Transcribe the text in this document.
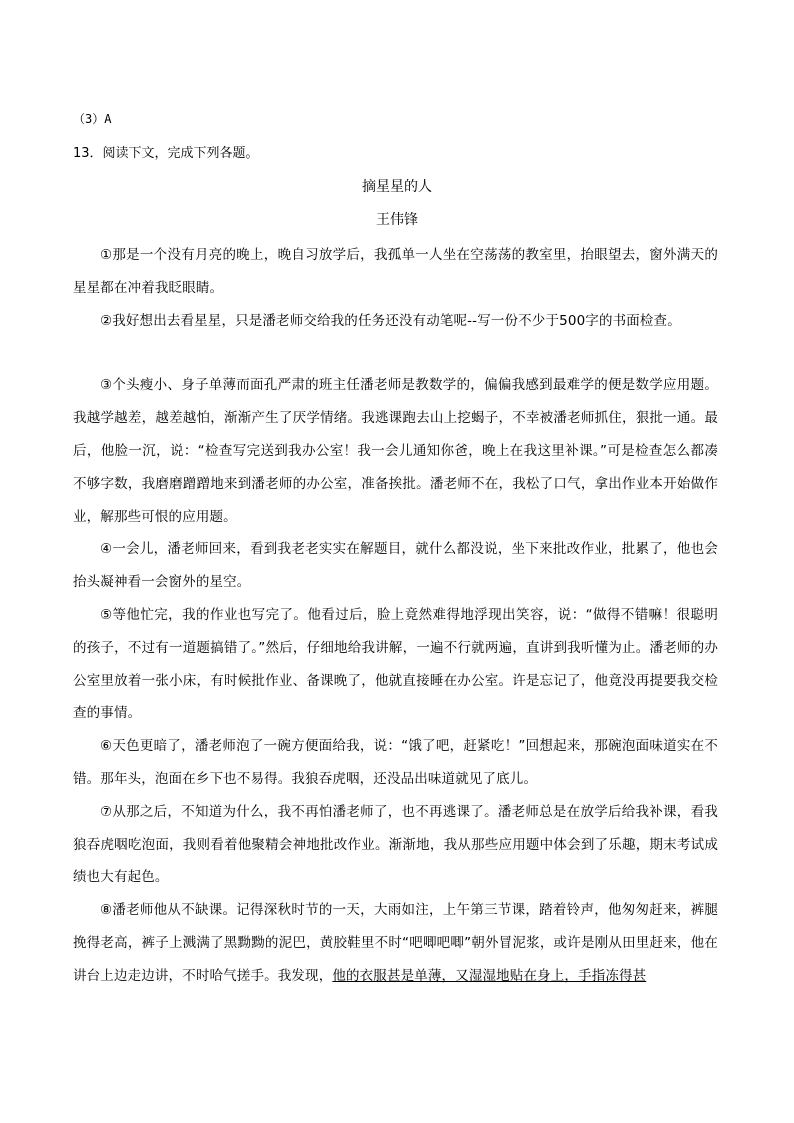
（3）A
13．阅读下文，完成下列各题。
摘星星的人
王伟锋

①那是一个没有月亮的晚上，晚自习放学后，我孤单一人坐在空荡荡的教室里，抬眼望去，窗外满天的星星都在冲着我眨眼睛。

②我好想出去看星星，只是潘老师交给我的任务还没有动笔呢--写一份不少于500字的书面检查。

③个头瘦小、身子单薄而面孔严肃的班主任潘老师是教数学的，偏偏我感到最难学的便是数学应用题。我越学越差，越差越怕，渐渐产生了厌学情绪。我逃课跑去山上挖蝎子，不幸被潘老师抓住，狠批一通。最后，他脸一沉，说：“检查写完送到我办公室！我一会儿通知你爸，晚上在我这里补课。”可是检查怎么都凑不够字数，我磨磨蹭蹭地来到潘老师的办公室，准备挨批。潘老师不在，我松了口气，拿出作业本开始做作业，解那些可恨的应用题。

④一会儿，潘老师回来，看到我老老实实在解题目，就什么都没说，坐下来批改作业，批累了，他也会抬头凝神看一会窗外的星空。

⑤等他忙完，我的作业也写完了。他看过后，脸上竟然难得地浮现出笑容，说：“做得不错嘛！很聪明的孩子，不过有一道题搞错了。”然后，仔细地给我讲解，一遍不行就两遍，直讲到我听懂为止。潘老师的办公室里放着一张小床，有时候批作业、备课晚了，他就直接睡在办公室。许是忘记了，他竟没再提要我交检查的事情。

⑥天色更暗了，潘老师泡了一碗方便面给我，说：“饿了吧，赶紧吃！”回想起来，那碗泡面味道实在不错。那年头，泡面在乡下也不易得。我狼吞虎咽，还没品出味道就见了底儿。

⑦从那之后，不知道为什么，我不再怕潘老师了，也不再逃课了。潘老师总是在放学后给我补课，看我狼吞虎咽吃泡面，我则看着他聚精会神地批改作业。渐渐地，我从那些应用题中体会到了乐趣，期末考试成绩也大有起色。

⑧潘老师他从不缺课。记得深秋时节的一天，大雨如注，上午第三节课，踏着铃声，他匆匆赶来，裤腿挽得老高，裤子上溅满了黑黝黝的泥巴，黄胶鞋里不时“吧唧吧唧”朝外冒泥浆，或许是刚从田里赶来，他在讲台上边走边讲，不时哈气搓手。我发现，他的衣服甚是单薄，又湿湿地贴在身上，手指冻得甚
